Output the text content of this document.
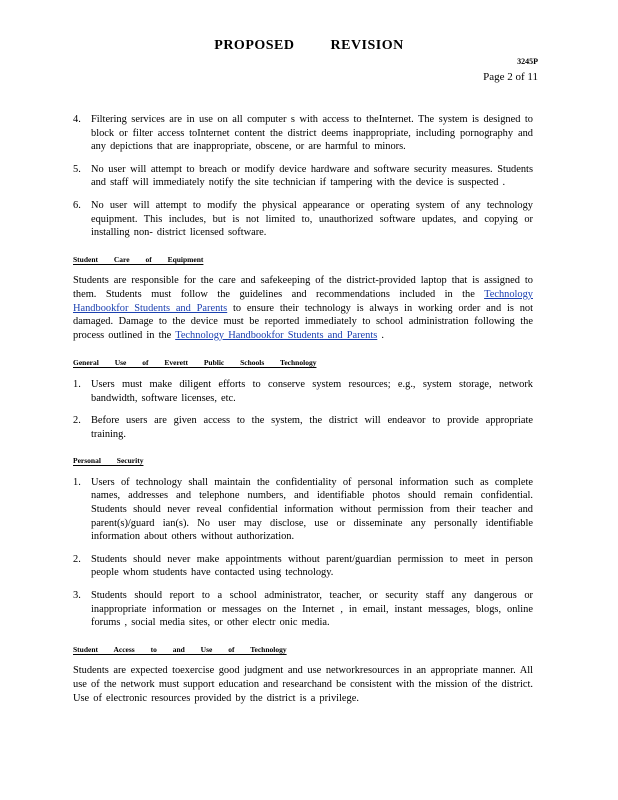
PROPOSED REVISION
3245P
Page 2 of 11
4. Filtering services are in use on all computer s with access to theInternet. The system is designed to block or filter access toInternet content the district deems inappropriate, including pornography and any depictions that are inappropriate, obscene, or are harmful to minors.
5. No user will attempt to breach or modify device hardware and software security measures. Students and staff will immediately notify the site technician if tampering with the device is suspected .
6. No user will attempt to modify the physical appearance or operating system of any technology equipment. This includes, but is not limited to, unauthorized software updates, and copying or installing non- district licensed software.
Student Care of Equipment
Students are responsible for the care and safekeeping of the district-provided laptop that is assigned to them. Students must follow the guidelines and recommendations included in the Technology Handbookfor Students and Parents to ensure their technology is always in working order and is not damaged. Damage to the device must be reported immediately to school administration following the process outlined in the Technology Handbookfor Students and Parents .
General Use of Everett Public Schools Technology
1. Users must make diligent efforts to conserve system resources; e.g., system storage, network bandwidth, software licenses, etc.
2. Before users are given access to the system, the district will endeavor to provide appropriate training.
Personal Security
1. Users of technology shall maintain the confidentiality of personal information such as complete names, addresses and telephone numbers, and identifiable photos should remain confidential. Students should never reveal confidential information without permission from their teacher and parent(s)/guard ian(s). No user may disclose, use or disseminate any personally identifiable information about others without authorization.
2. Students should never make appointments without parent/guardian permission to meet in person people whom students have contacted using technology.
3. Students should report to a school administrator, teacher, or security staff any dangerous or inappropriate information or messages on the Internet , in email, instant messages, blogs, online forums , social media sites, or other electr onic media.
Student Access to and Use of Technology
Students are expected toexercise good judgment and use networkresources in an appropriate manner. All use of the network must support education and researchand be consistent with the mission of the district. Use of electronic resources provided by the district is a privilege.
